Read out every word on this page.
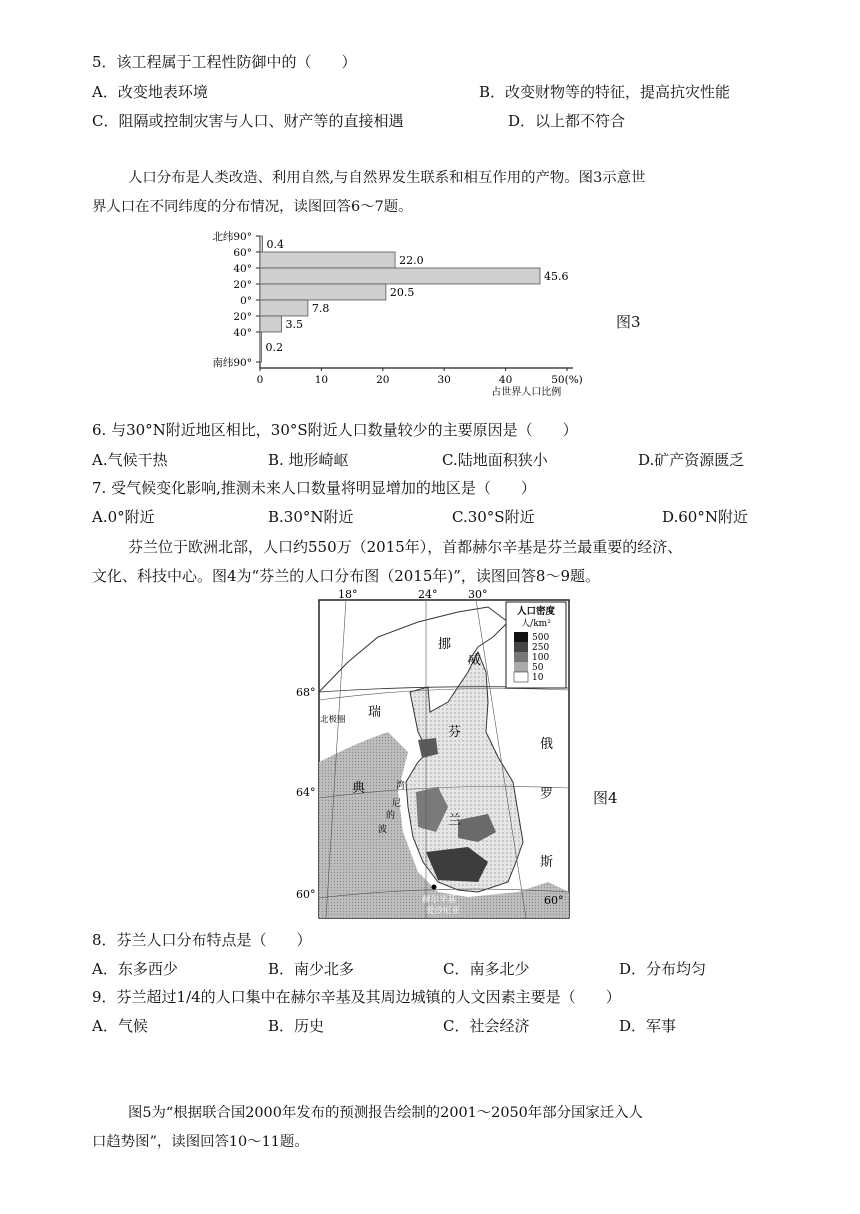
5．该工程属于工程性防御中的（　　）
A．改变地表环境	B．改变财物等的特征，提高抗灾性能
C．阻隔或控制灾害与人口、财产等的直接相遇	D．以上都不符合
人口分布是人类改造、利用自然,与自然界发生联系和相互作用的产物。图3示意世
界人口在不同纬度的分布情况，读图回答6～7题。
北纬90°
60°
40°
20°
0°
20°
40°
南纬90°
0.4
22.0
45.6
20.5
7.8
3.5
0.2
0	10	20	30	40	50(%)
占世界人口比例
图3
6. 与30°N附近地区相比，30°S附近人口数量较少的主要原因是（　　）
A.气候干热	B. 地形崎岖	C.陆地面积狭小	D.矿产资源匮乏
7. 受气候变化影响,推测未来人口数量将明显增加的地区是（　　）
A.0°附近	B.30°N附近	C.30°S附近	D.60°N附近
芬兰位于欧洲北部，人口约550万（2015年），首都赫尔辛基是芬兰最重要的经济、
文化、科技中心。图4为“芬兰的人口分布图（2015年)”，读图回答8～9题。
人口密度
人/km²
500
250
100
50
10
18°	24°	30°
68°
64°
60°	60°
北极圈
挪
威
瑞
典
芬
兰
俄
罗
斯
湾
尼
的
波
赫尔辛基
爱沙尼亚
图4
8．芬兰人口分布特点是（　　）
A．东多西少	B．南少北多	C．南多北少	D．分布均匀
9．芬兰超过1/4的人口集中在赫尔辛基及其周边城镇的人文因素主要是（　　）
A．气候	B．历史	C．社会经济	D．军事
图5为“根据联合国2000年发布的预测报告绘制的2001～2050年部分国家迁入人
口趋势图”，读图回答10～11题。
